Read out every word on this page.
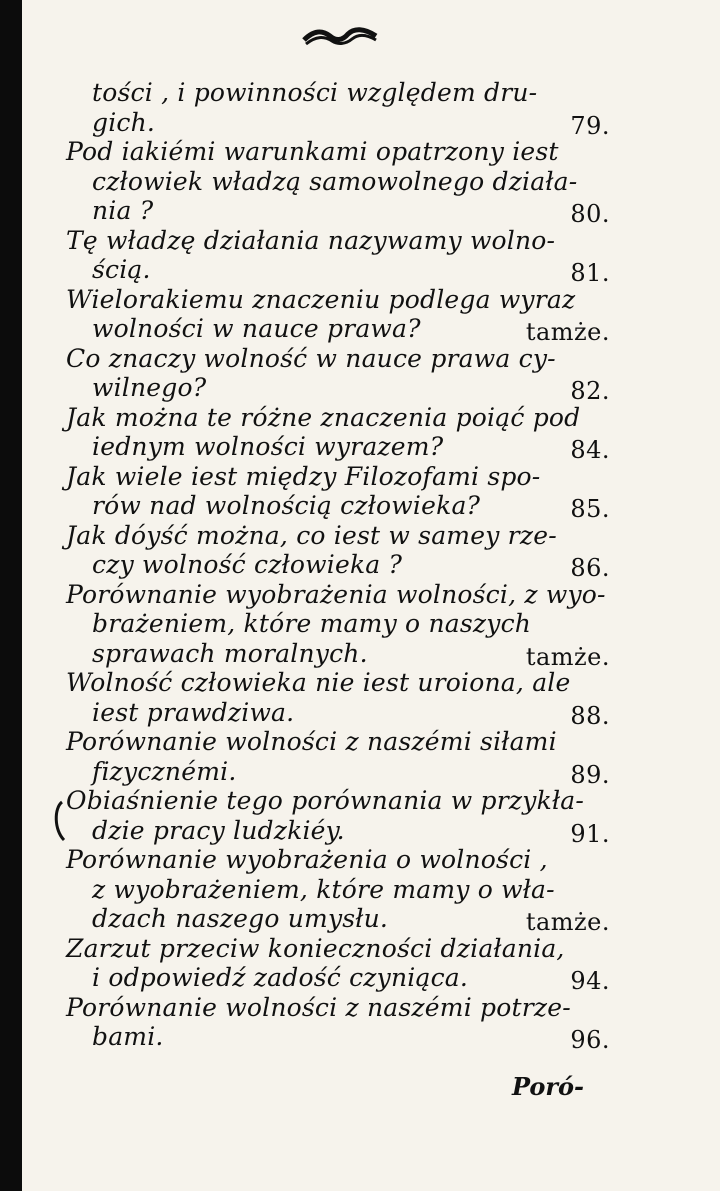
tości , i powinności względem dru-
gich.	79.
Pod iakiémi warunkami opatrzony iest
człowiek władzą samowolnego działa-
nia ?	80.
Tę władzę działania nazywamy wolno-
ścią.	81.
Wielorakiemu znaczeniu podlega wyraz
wolności w nauce prawa?	tamże.
Co znaczy wolność w nauce prawa cy-
wilnego?	82.
Jak można te różne znaczenia poiąć pod
iednym wolności wyrazem?	84.
Jak wiele iest między Filozofami spo-
rów nad wolnością człowieka?	85.
Jak dóyść można, co iest w samey rze-
czy wolność człowieka ?	86.
Porównanie wyobrażenia wolności, z wyo-
brażeniem, które mamy o naszych
sprawach moralnych.	tamże.
Wolność człowieka nie iest uroiona, ale
iest prawdziwa.	88.
Porównanie wolności z naszémi siłami
fizycznémi.	89.
Obiaśnienie tego porównania w przykła-
dzie pracy ludzkiéy.	91.
Porównanie wyobrażenia o wolności ,
z wyobrażeniem, które mamy o wła-
dzach naszego umysłu.	tamże.
Zarzut przeciw konieczności działania,
i odpowiedź zadość czyniąca.	94.
Porównanie wolności z naszémi potrze-
bami.	96.
Poró-
